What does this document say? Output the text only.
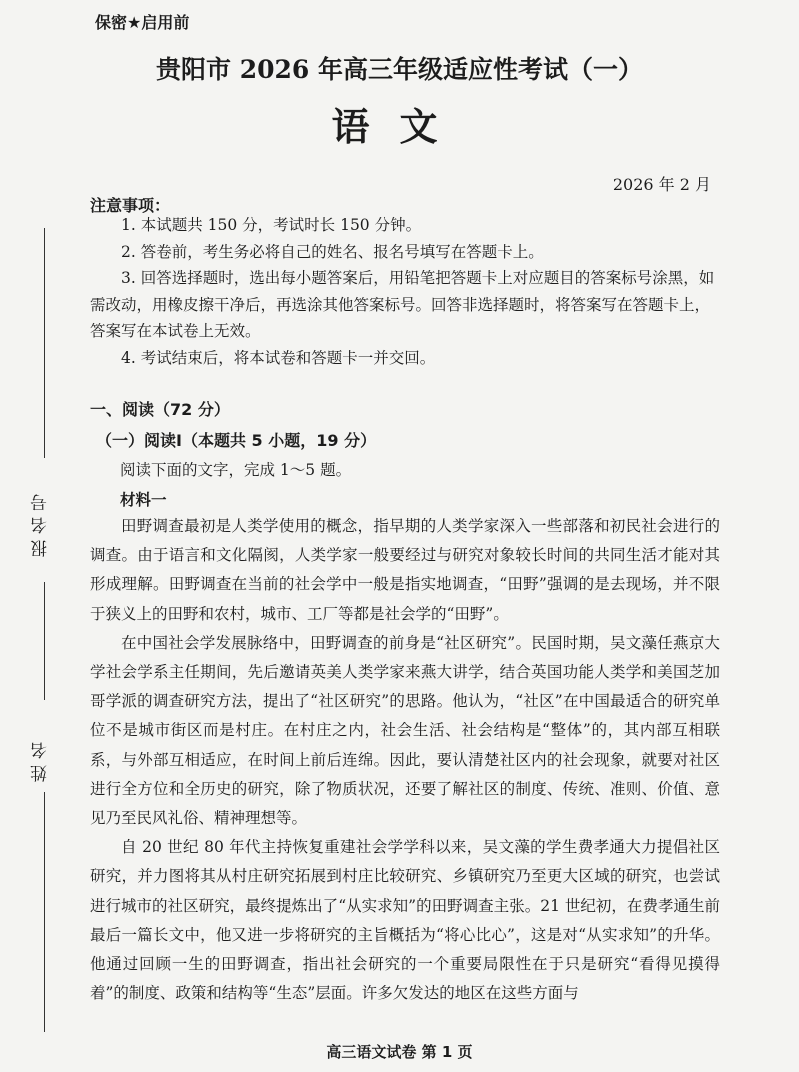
报名号
姓名
保密★启用前
贵阳市 2026 年高三年级适应性考试（一）
语文
2026 年 2 月
注意事项：
1. 本试题共 150 分，考试时长 150 分钟。
2. 答卷前，考生务必将自己的姓名、报名号填写在答题卡上。
3. 回答选择题时，选出每小题答案后，用铅笔把答题卡上对应题目的答案标号涂黑，如需改动，用橡皮擦干净后，再选涂其他答案标号。回答非选择题时，将答案写在答题卡上，答案写在本试卷上无效。
4. 考试结束后，将本试卷和答题卡一并交回。
一、阅读（72 分）
（一）阅读Ⅰ（本题共 5 小题，19 分）
阅读下面的文字，完成 1～5 题。
材料一

田野调查最初是人类学使用的概念，指早期的人类学家深入一些部落和初民社会进行的调查。由于语言和文化隔阂，人类学家一般要经过与研究对象较长时间的共同生活才能对其形成理解。田野调查在当前的社会学中一般是指实地调查，“田野”强调的是去现场，并不限于狭义上的田野和农村，城市、工厂等都是社会学的“田野”。

在中国社会学发展脉络中，田野调查的前身是“社区研究”。民国时期，吴文藻任燕京大学社会学系主任期间，先后邀请英美人类学家来燕大讲学，结合英国功能人类学和美国芝加哥学派的调查研究方法，提出了“社区研究”的思路。他认为，“社区”在中国最适合的研究单位不是城市街区而是村庄。在村庄之内，社会生活、社会结构是“整体”的，其内部互相联系，与外部互相适应，在时间上前后连绵。因此，要认清楚社区内的社会现象，就要对社区进行全方位和全历史的研究，除了物质状况，还要了解社区的制度、传统、准则、价值、意见乃至民风礼俗、精神理想等。

自 20 世纪 80 年代主持恢复重建社会学学科以来，吴文藻的学生费孝通大力提倡社区研究，并力图将其从村庄研究拓展到村庄比较研究、乡镇研究乃至更大区域的研究，也尝试进行城市的社区研究，最终提炼出了“从实求知”的田野调查主张。21 世纪初，在费孝通生前最后一篇长文中，他又进一步将研究的主旨概括为“将心比心”，这是对“从实求知”的升华。他通过回顾一生的田野调查，指出社会研究的一个重要局限性在于只是研究“看得见摸得着”的制度、政策和结构等“生态”层面。许多欠发达的地区在这些方面与

高三语文试卷 第 1 页
